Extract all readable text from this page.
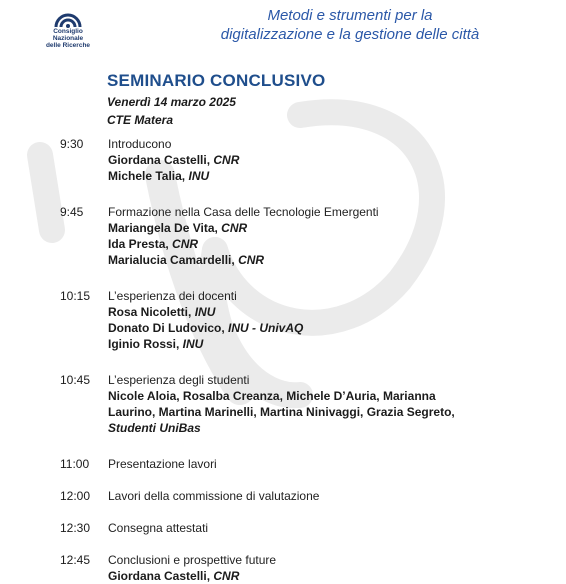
Consiglio Nazionale
delle Ricerche
Metodi e strumenti per la
digitalizzazione e la gestione delle città
SEMINARIO CONCLUSIVO
Venerdì 14 marzo 2025
CTE Matera
9:30	Introducono
Giordana Castelli, CNR
Michele Talia, INU
9:45	Formazione nella Casa delle Tecnologie Emergenti
Mariangela De Vita, CNR
Ida Presta, CNR
Marialucia Camardelli, CNR
10:15 L’esperienza dei docenti
Rosa Nicoletti, INU
Donato Di Ludovico, INU - UnivAQ
Iginio Rossi, INU
10:45 L’esperienza degli studenti
Nicole Aloia, Rosalba Creanza, Michele D’Auria, Marianna
Laurino, Martina Marinelli, Martina Ninivaggi, Grazia Segreto,
Studenti UniBas
11:00 Presentazione lavori
12:00 Lavori della commissione di valutazione
12:30 Consegna attestati
12:45 Conclusioni e prospettive future
Giordana Castelli, CNR
